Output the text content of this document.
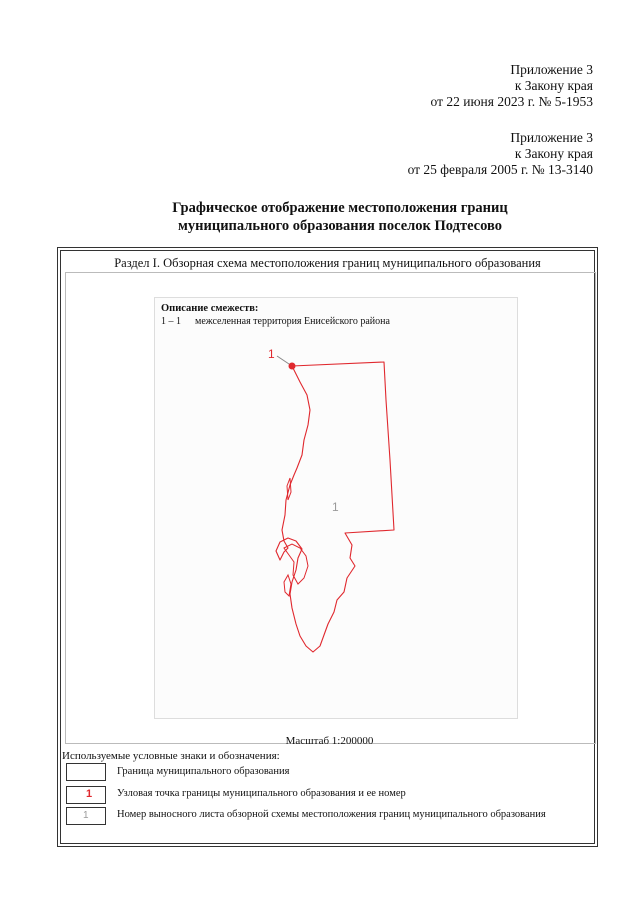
Приложение 3
к Закону края
от 22 июня 2023 г. № 5-1953
Приложение 3
к Закону края
от 25 февраля 2005 г. № 13-3140
Графическое отображение местоположения границ
муниципального образования поселок Подтесово
Раздел I. Обзорная схема местоположения границ муниципального образования
Описание смежеств:
1 – 1 межселенная территория Енисейского района
1
1
Масштаб 1:200000
Используемые условные знаки и обозначения:
Граница муниципального образования
1 Узловая точка границы муниципального образования и ее номер
1	Номер выносного листа обзорной схемы местоположения границ муниципального образования
